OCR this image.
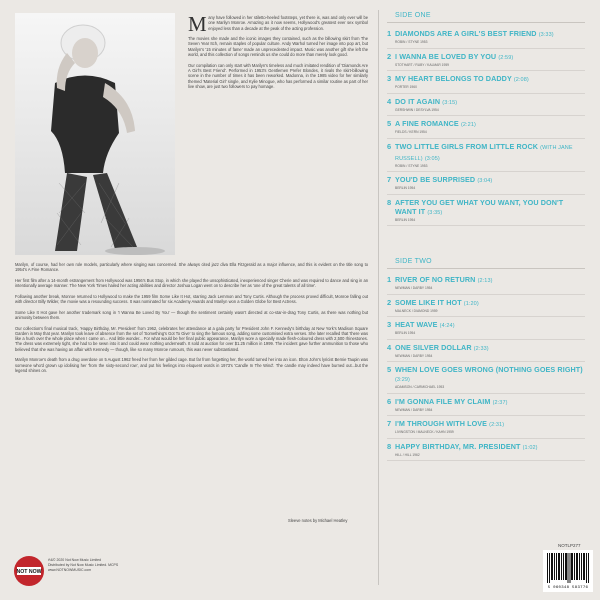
Many have followed in her stiletto-heeled footsteps, yet there is, was and only ever will be one Marilyn Monroe. Amazing as it now seems, Hollywood's greatest ever sex symbol enjoyed less than a decade at the peak of the acting profession.

The movies she made and the iconic images they contained, such as the billowing skirt from The Seven Year Itch, remain staples of popular culture. Andy Warhol turned her image into pop art, but Marilyn's '15 minutes of fame' made an unprecedented impact. Music was another gift she left the world, and this collection of songs reminds us she could do more than merely look good.

Our compilation can only start with Marilyn's timeless and much imitated rendition of 'Diamonds Are A Girl's Best Friend'. Performed in 1953's Gentlemen Prefer Blondes, it rivals the skirt-billowing scene in the number of times it has been reworked. Madonna, in the 1985 video for her similarly themed 'Material Girl' single, and Kylie Minogue, who has performed a similar routine as part of her live show, are just two followers to pay homage.

Marilyn, of course, had her own role models, particularly where singing was concerned. She always cited jazz diva Ella Fitzgerald as a major influence, and this is evident on the title song to 1954's A Fine Romance.

Her first film after a 14-month estrangement from Hollywood was 1956's Bus Stop, in which she played the unsophisticated, inexperienced singer Cherie and was required to dance and sing in an intentionally average manner. The New York Times hailed her acting abilities and director Joshua Logan went on to describe her as 'one of the great talents of all time'.

Following another break, Monroe returned to Hollywood to make the 1959 film Some Like It Hot, starring Jack Lemmon and Tony Curtis. Although the process proved difficult, Monroe falling out with director Billy Wilder, the movie was a resounding success. It was nominated for six Academy Awards and Marilyn won a Golden Globe for Best Actress.

Some Like It Hot gave her another trademark song in 'I Wanna Be Loved By You' — though the sentiment certainly wasn't directed at co-star-in-drag Tony Curtis, as there was nothing but animosity between them.

Our collection's final musical track, 'Happy Birthday, Mr. President' from 1962, celebrates her attendance at a gala party for President John F. Kennedy's birthday at New York's Madison Square Garden in May that year. Marilyn took leave of absence from the set of 'Something's Got To Give' to sing the famous song, adding some customised extra verses. She later recalled that 'there was like a hush over the whole place when I came on... And little wonder... For what would be her final public appearance, Marilyn wore a specially made flesh-coloured dress with 2,500 rhinestones. The dress was extremely tight, she had to be sewn into it and could wear nothing underneath. It sold at auction for over $1.25 million in 1999. The incident gave further ammunition to those who believed that she was having an affair with Kennedy — though, like so many Monroe rumours, this was never substantiated.

Marilyn Monroe's death from a drug overdose on 5 August 1962 freed her from her gilded cage. But far from forgetting her, the world turned her into an icon. Elton John's lyricist Bernie Taupin was someone who'd grown up idolising her 'from the sixty-second row', and put his feelings into eloquent words in 1973's 'Candle In The Wind'. The candle may indeed have burned out...but the legend shines on.

Sleeve notes by Michael Heatley
SIDE ONE
1 DIAMONDS ARE A GIRL'S BEST FRIEND (3:33)
ROBIN / STYNE 1953
2 I WANNA BE LOVED BY YOU (2:59)
STOTHART / RUBY / KALMAR 1959
3 MY HEART BELONGS TO DADDY (2:08)
PORTER 1960
4 DO IT AGAIN (3:15)
GERSHWIN / DESYLVA 1954
5 A FINE ROMANCE (2:21)
FIELDS / KERN 1954
6 TWO LITTLE GIRLS FROM LITTLE ROCK (WITH JANE RUSSELL) (3:05)
ROBIN / STYNE 1953
7 YOU'D BE SURPRISED (3:04)
BERLIN 1954
8 AFTER YOU GET WHAT YOU WANT, YOU DON'T WANT IT (3:35)
BERLIN 1954
SIDE TWO
1 RIVER OF NO RETURN (2:13)
NEWMAN / DARBY 1954
2 SOME LIKE IT HOT (1:20)
MALNECK / DIAMOND 1959
3 HEAT WAVE (4:24)
BERLIN 1954
4 ONE SILVER DOLLAR (2:33)
NEWMAN / DARBY 1954
5 WHEN LOVE GOES WRONG (NOTHING GOES RIGHT) (3:29)
ADAMSON / CARMICHAEL 1953
6 I'M GONNA FILE MY CLAIM (2:37)
NEWMAN / DARBY 1954
7 I'M THROUGH WITH LOVE (2:31)
LIVINGSTON / MALNECK / KAHN 1959
8 HAPPY BIRTHDAY, MR. PRESIDENT (1:02)
HILL / HILL 1962
NOTLP277
5 060348 583776
NOT NOW
℗&© 2020 Not Now Music Limited
Distributed by Not Now Music Limited. MCPS
www.NOTNOWMUSIC.com
